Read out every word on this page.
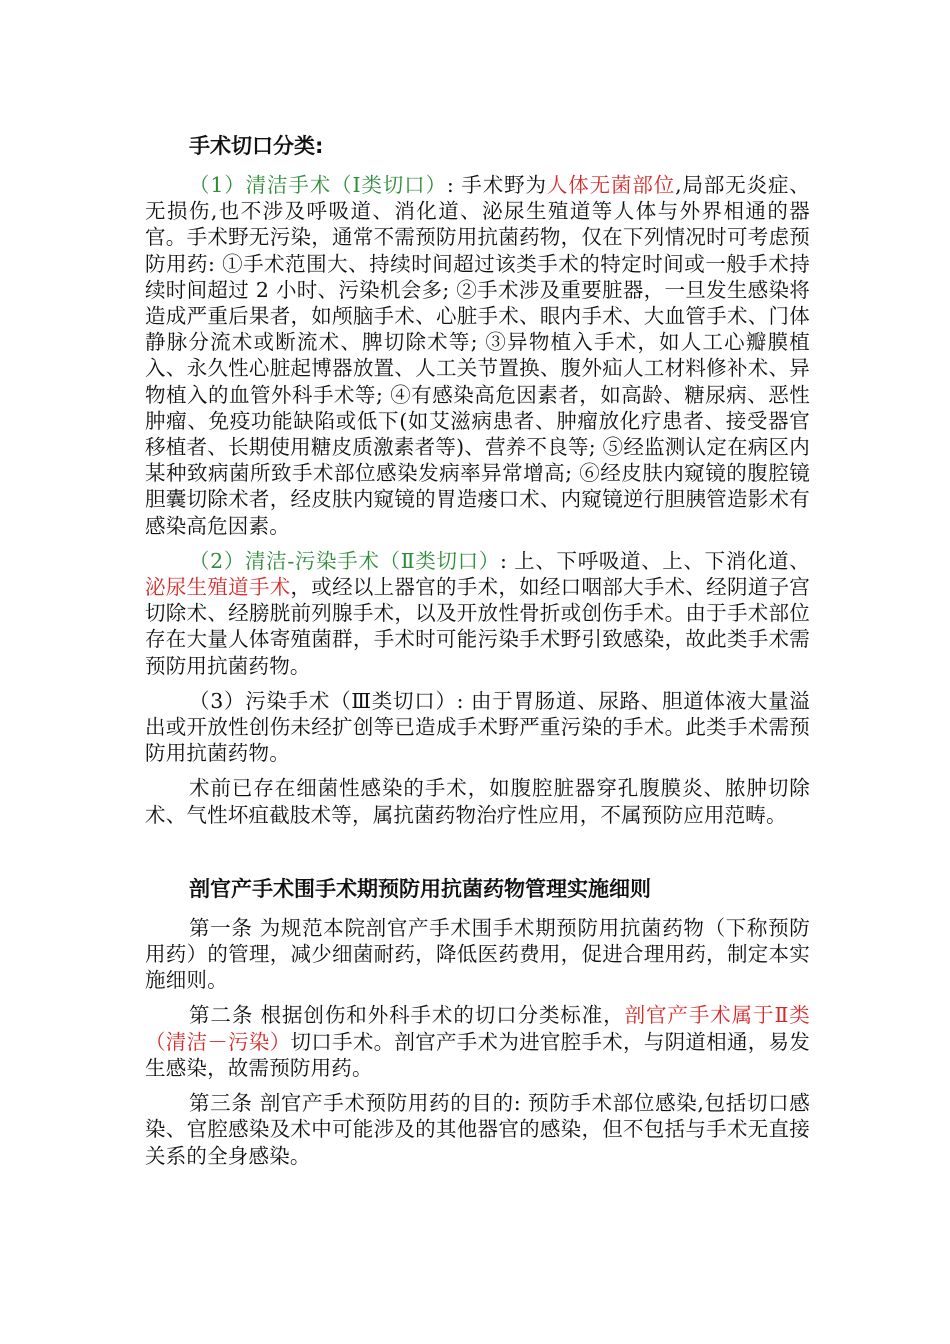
手术切口分类:

（1）清洁手术（Ⅰ类切口）: 手术野为人体无菌部位,局部无炎症、无损伤,也不涉及呼吸道、消化道、泌尿生殖道等人体与外界相通的器官。手术野无污染，通常不需预防用抗菌药物，仅在下列情况时可考虑预防用药: ①手术范围大、持续时间超过该类手术的特定时间或一般手术持续时间超过 2 小时、污染机会多; ②手术涉及重要脏器，一旦发生感染将造成严重后果者，如颅脑手术、心脏手术、眼内手术、大血管手术、门体静脉分流术或断流术、脾切除术等; ③异物植入手术，如人工心瓣膜植入、永久性心脏起博器放置、人工关节置换、腹外疝人工材料修补术、异物植入的血管外科手术等; ④有感染高危因素者，如高龄、糖尿病、恶性肿瘤、免疫功能缺陷或低下(如艾滋病患者、肿瘤放化疗患者、接受器官移植者、长期使用糖皮质激素者等)、营养不良等; ⑤经监测认定在病区内某种致病菌所致手术部位感染发病率异常增高; ⑥经皮肤内窥镜的腹腔镜胆囊切除术者，经皮肤内窥镜的胃造瘘口术、内窥镜逆行胆胰管造影术有感染高危因素。

（2）清洁-污染手术（Ⅱ类切口）: 上、下呼吸道、上、下消化道、泌尿生殖道手术，或经以上器官的手术，如经口咽部大手术、经阴道子宫切除术、经膀胱前列腺手术，以及开放性骨折或创伤手术。由于手术部位存在大量人体寄殖菌群，手术时可能污染手术野引致感染，故此类手术需预防用抗菌药物。

（3）污染手术（Ⅲ类切口）: 由于胃肠道、尿路、胆道体液大量溢出或开放性创伤未经扩创等已造成手术野严重污染的手术。此类手术需预防用抗菌药物。

术前已存在细菌性感染的手术，如腹腔脏器穿孔腹膜炎、脓肿切除术、气性坏疽截肢术等，属抗菌药物治疗性应用，不属预防应用范畴。

剖官产手术围手术期预防用抗菌药物管理实施细则

第一条 为规范本院剖官产手术围手术期预防用抗菌药物（下称预防用药）的管理，减少细菌耐药，降低医药费用，促进合理用药，制定本实施细则。

第二条 根据创伤和外科手术的切口分类标准，剖官产手术属于Ⅱ类（清洁－污染）切口手术。剖官产手术为进官腔手术，与阴道相通，易发生感染，故需预防用药。

第三条 剖官产手术预防用药的目的: 预防手术部位感染,包括切口感染、官腔感染及术中可能涉及的其他器官的感染，但不包括与手术无直接关系的全身感染。
